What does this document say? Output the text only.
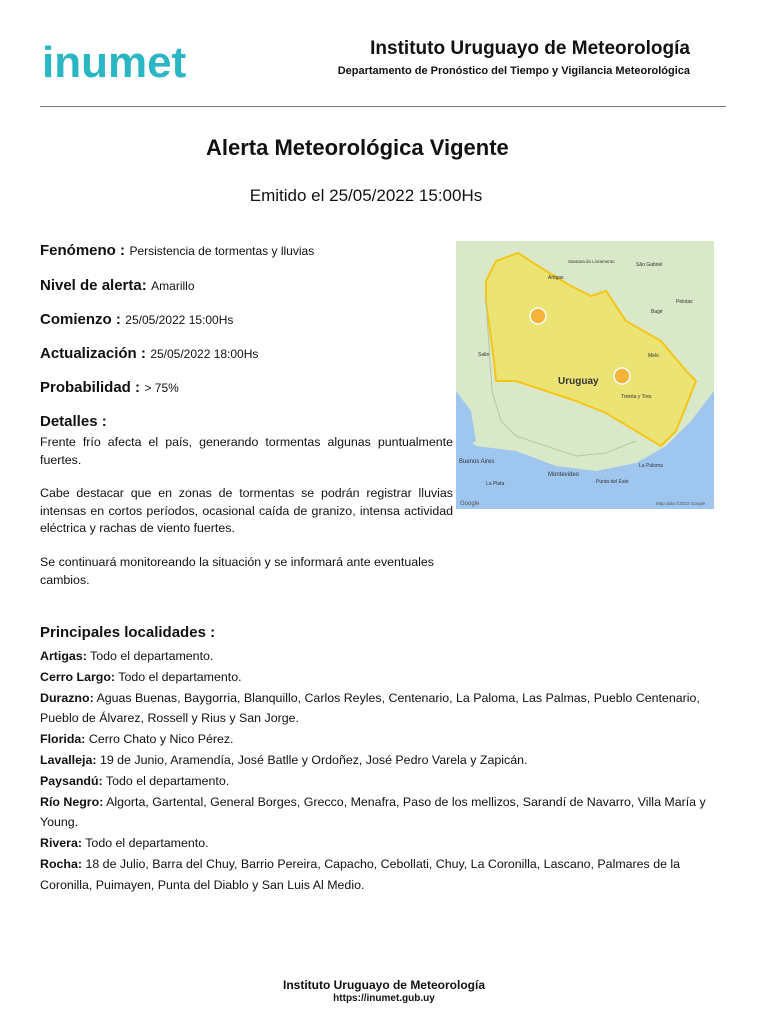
inumet	Instituto Uruguayo de Meteorología
Departamento de Pronóstico del Tiempo y Vigilancia Meteorológica
Alerta Meteorológica Vigente
Emitido el 25/05/2022 15:00Hs
Fenómeno : Persistencia de tormentas y lluvias
Nivel de alerta: Amarillo
Comienzo : 25/05/2022 15:00Hs
Actualización : 25/05/2022 18:00Hs
Probabilidad : > 75%
Detalles :
Frente frío afecta el país, generando tormentas algunas puntualmente fuertes.
Cabe destacar que en zonas de tormentas se podrán registrar lluvias intensas en cortos períodos, ocasional caída de granizo, intensa actividad eléctrica y rachas de viento fuertes.
Se continuará monitoreando la situación y se informará ante eventuales cambios.
Uruguay
Montevideo
Buenos Aires
La Plata
Artigas
Melo
Salto
Bagé
São Gabriel
La Paloma
Treinta y Tres
Punta del Este
Pelotas
Santana do Livramento
Google	Map data ©2022 Google
Principales localidades :
Artigas: Todo el departamento.
Cerro Largo: Todo el departamento.
Durazno: Aguas Buenas, Baygorria, Blanquillo, Carlos Reyles, Centenario, La Paloma, Las Palmas, Pueblo Centenario, Pueblo de Álvarez, Rossell y Rius y San Jorge.
Florida: Cerro Chato y Nico Pérez.
Lavalleja: 19 de Junio, Aramendía, José Batlle y Ordoñez, José Pedro Varela y Zapicán.
Paysandú: Todo el departamento.
Río Negro: Algorta, Gartental, General Borges, Grecco, Menafra, Paso de los mellizos, Sarandí de Navarro, Villa María y Young.
Rivera: Todo el departamento.
Rocha: 18 de Julio, Barra del Chuy, Barrio Pereira, Capacho, Cebollati, Chuy, La Coronilla, Lascano, Palmares de la Coronilla, Puimayen, Punta del Diablo y San Luis Al Medio.
Instituto Uruguayo de Meteorología
https://inumet.gub.uy
